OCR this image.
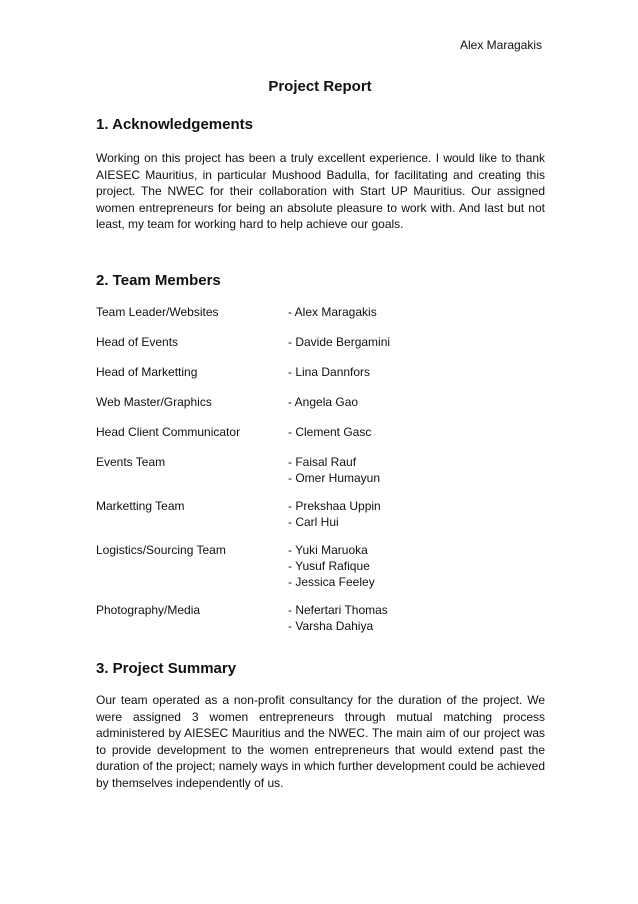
Alex Maragakis
Project Report
1. Acknowledgements
Working on this project has been a truly excellent experience. I would like to thank AIESEC Mauritius, in particular Mushood Badulla, for facilitating and creating this project. The NWEC for their collaboration with Start UP Mauritius. Our assigned women entrepreneurs for being an absolute pleasure to work with. And last but not least, my team for working hard to help achieve our goals.
2. Team Members
Team Leader/Websites	- Alex Maragakis
Head of Events	- Davide Bergamini
Head of Marketting	- Lina Dannfors
Web Master/Graphics	- Angela Gao
Head Client Communicator	- Clement Gasc
Events Team	- Faisal Rauf
- Omer Humayun
Marketting Team	- Prekshaa Uppin
- Carl Hui
Logistics/Sourcing Team	- Yuki Maruoka
- Yusuf Rafique
- Jessica Feeley
Photography/Media	- Nefertari Thomas
- Varsha Dahiya
3. Project Summary
Our team operated as a non-profit consultancy for the duration of the project. We were assigned 3 women entrepreneurs through mutual matching process administered by AIESEC Mauritius and the NWEC. The main aim of our project was to provide development to the women entrepreneurs that would extend past the duration of the project; namely ways in which further development could be achieved by themselves independently of us.
